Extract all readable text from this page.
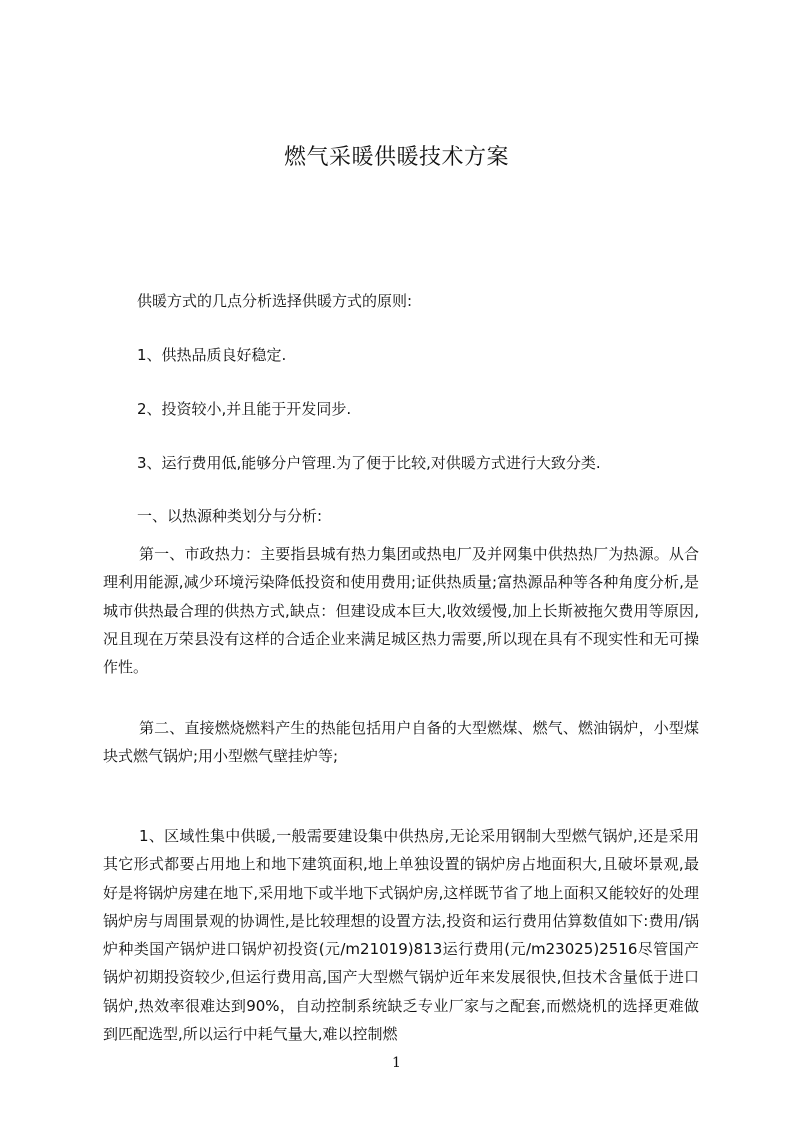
燃气采暖供暖技术方案

供暖方式的几点分析选择供暖方式的原则:

1、供热品质良好稳定.

2、投资较小,并且能于开发同步.

3、运行费用低,能够分户管理.为了便于比较,对供暖方式进行大致分类.

一、以热源种类划分与分析:

第一、市政热力：主要指县城有热力集团或热电厂及并网集中供热热厂为热源。从合理利用能源,减少环境污染降低投资和使用费用;证供热质量;富热源品种等各种角度分析,是城市供热最合理的供热方式,缺点：但建设成本巨大,收效缓慢,加上长斯被拖欠费用等原因,况且现在万荣县没有这样的合适企业来满足城区热力需要,所以现在具有不现实性和无可操作性。

第二、直接燃烧燃料产生的热能包括用户自备的大型燃煤、燃气、燃油锅炉，小型煤块式燃气锅炉;用小型燃气壁挂炉等;

1、区域性集中供暖,一般需要建设集中供热房,无论采用钢制大型燃气锅炉,还是采用其它形式都要占用地上和地下建筑面积,地上单独设置的锅炉房占地面积大,且破坏景观,最好是将锅炉房建在地下,采用地下或半地下式锅炉房,这样既节省了地上面积又能较好的处理锅炉房与周围景观的协调性,是比较理想的设置方法,投资和运行费用估算数值如下:费用/锅炉种类国产锅炉进口锅炉初投资(元/m21019)813运行费用(元/m23025)2516尽管国产锅炉初期投资较少,但运行费用高,国产大型燃气锅炉近年来发展很快,但技术含量低于进口锅炉,热效率很难达到90%，自动控制系统缺乏专业厂家与之配套,而燃烧机的选择更难做到匹配选型,所以运行中耗气量大,难以控制燃

1
